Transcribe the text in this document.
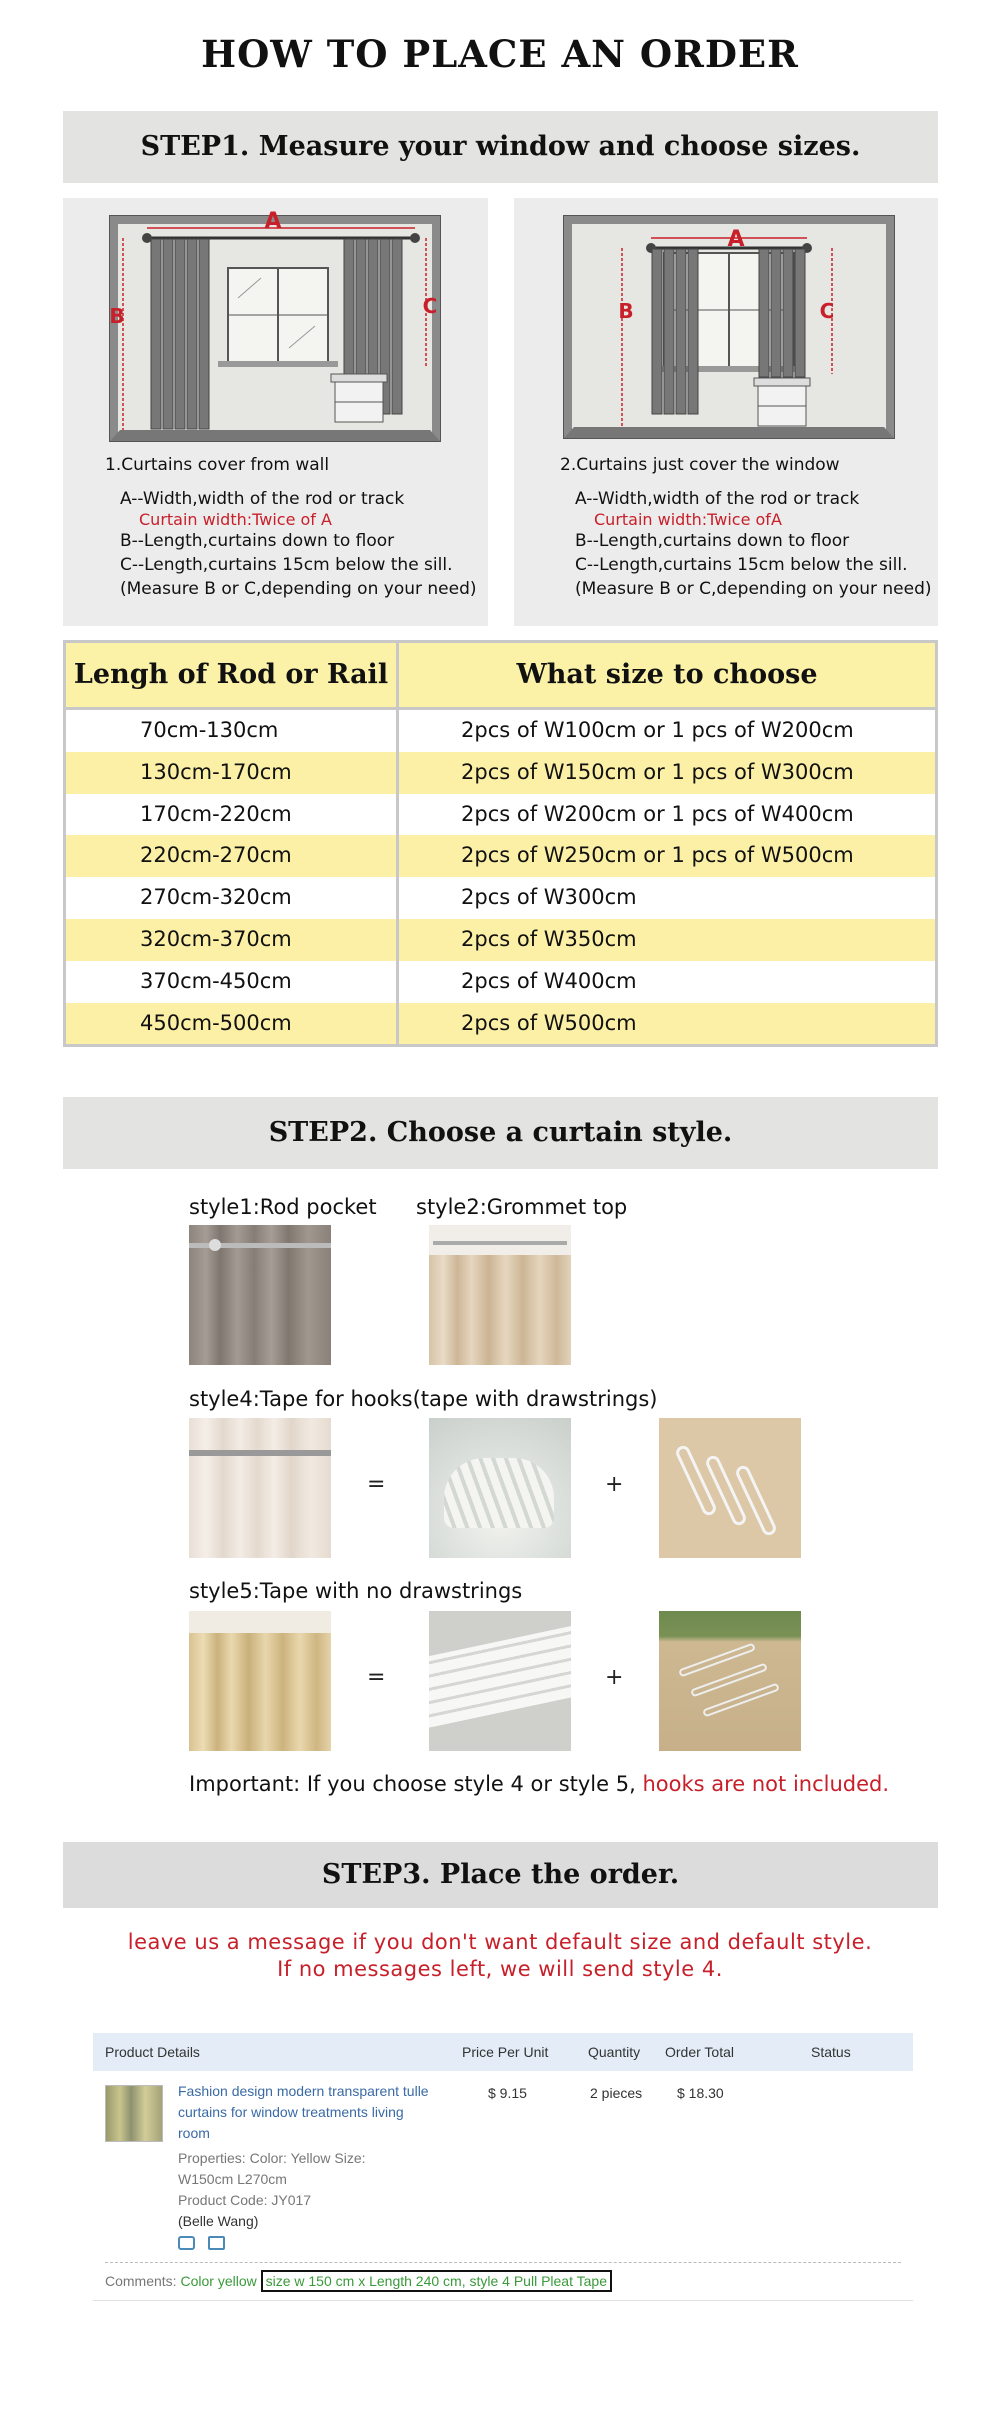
HOW TO PLACE AN ORDER
STEP1. Measure your window and choose sizes.
A
B	C
1.Curtains cover from wall
A--Width,width of the rod or track
Curtain width:Twice of A
B--Length,curtains down to floor
C--Length,curtains 15cm below the sill.
(Measure B or C,depending on your need)
A
B	C
2.Curtains just cover the window
A--Width,width of the rod or track
Curtain width:Twice ofA
B--Length,curtains down to floor
C--Length,curtains 15cm below the sill.
(Measure B or C,depending on your need)
Lengh of Rod or Rail	What size to choose
70cm-130cm	2pcs of W100cm or 1 pcs of W200cm
130cm-170cm	2pcs of W150cm or 1 pcs of W300cm
170cm-220cm	2pcs of W200cm or 1 pcs of W400cm
220cm-270cm	2pcs of W250cm or 1 pcs of W500cm
270cm-320cm	2pcs of W300cm
320cm-370cm	2pcs of W350cm
370cm-450cm	2pcs of W400cm
450cm-500cm	2pcs of W500cm
STEP2. Choose a curtain style.
style1:Rod pocket style2:Grommet top
style4:Tape for hooks(tape with drawstrings)
=	+
style5:Tape with no drawstrings
=	+
Important: If you choose style 4 or style 5, hooks are not included.
STEP3. Place the order.
leave us a message if you don't want default size and default style.
If no messages left, we will send style 4.
Product Details	Price Per Unit	Quantity Order Total	Status
Fashion design modern transparent tulle
curtains for window treatments living
room
Properties: Color: Yellow Size:
W150cm L270cm
Product Code: JY017
(Belle Wang)

$ 9.15	2 pieces $ 18.30
Comments: Color yellow size w 150 cm x Length 240 cm, style 4 Pull Pleat Tape
